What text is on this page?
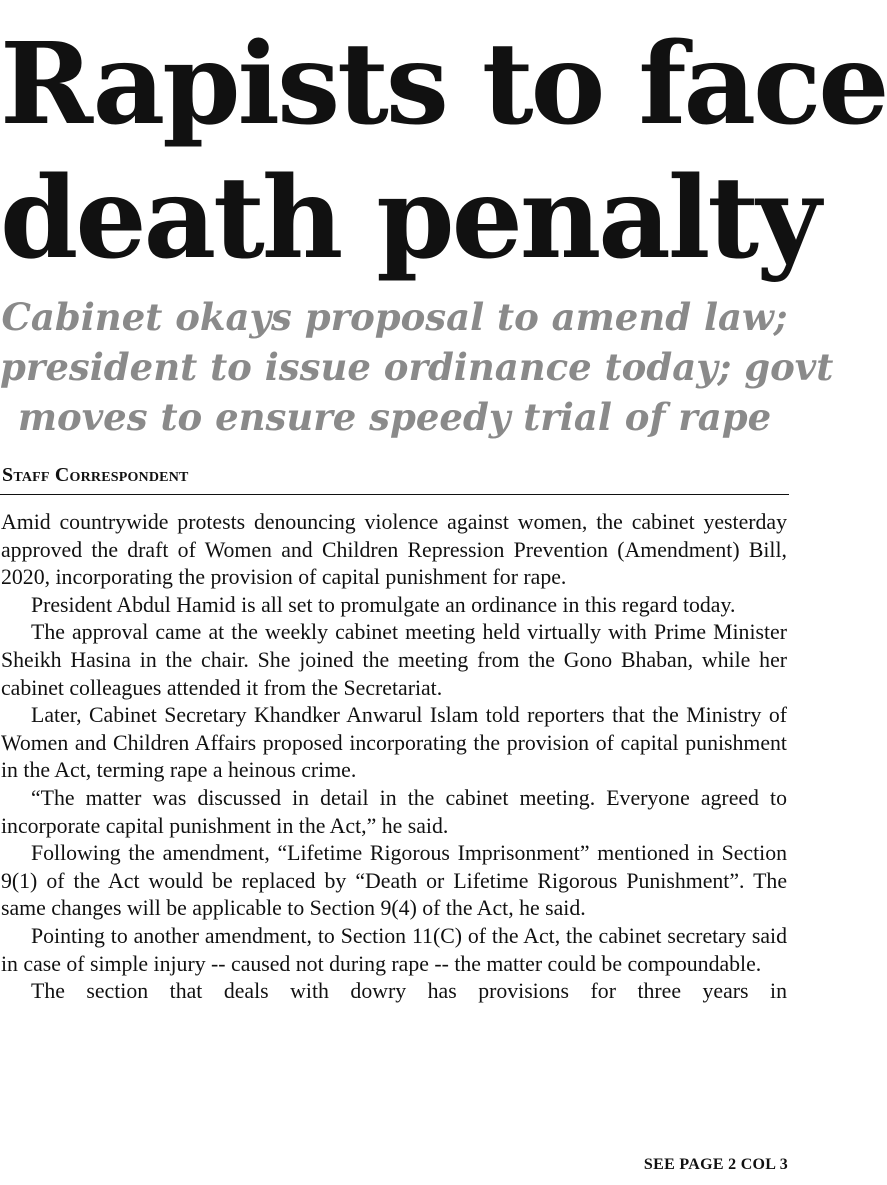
Rapists to face
death penalty
Cabinet okays proposal to amend law;
president to issue ordinance today; govt
moves to ensure speedy trial of rape
Staff Correspondent

Amid countrywide protests denouncing violence against women, the cabinet yesterday approved the draft of Women and Children Repression Prevention (Amendment) Bill, 2020, incorporating the provision of capital punishment for rape.

President Abdul Hamid is all set to promulgate an ordinance in this regard today.

The approval came at the weekly cabinet meeting held virtually with Prime Minister Sheikh Hasina in the chair. She joined the meeting from the Gono Bhaban, while her cabinet colleagues attended it from the Secretariat.

Later, Cabinet Secretary Khandker Anwarul Islam told reporters that the Ministry of Women and Children Affairs proposed incorporating the provision of capital punishment in the Act, terming rape a heinous crime.

“The matter was discussed in detail in the cabinet meeting. Everyone agreed to incorporate capital punishment in the Act,” he said.

Following the amendment, “Lifetime Rigorous Imprisonment” mentioned in Section 9(1) of the Act would be replaced by “Death or Lifetime Rigorous Punishment”. The same changes will be applicable to Section 9(4) of the Act, he said.

Pointing to another amendment, to Section 11(C) of the Act, the cabinet secretary said in case of simple injury -- caused not during rape -- the matter could be compoundable.

The section that deals with dowry has provisions for three years in

SEE PAGE 2 COL 3
